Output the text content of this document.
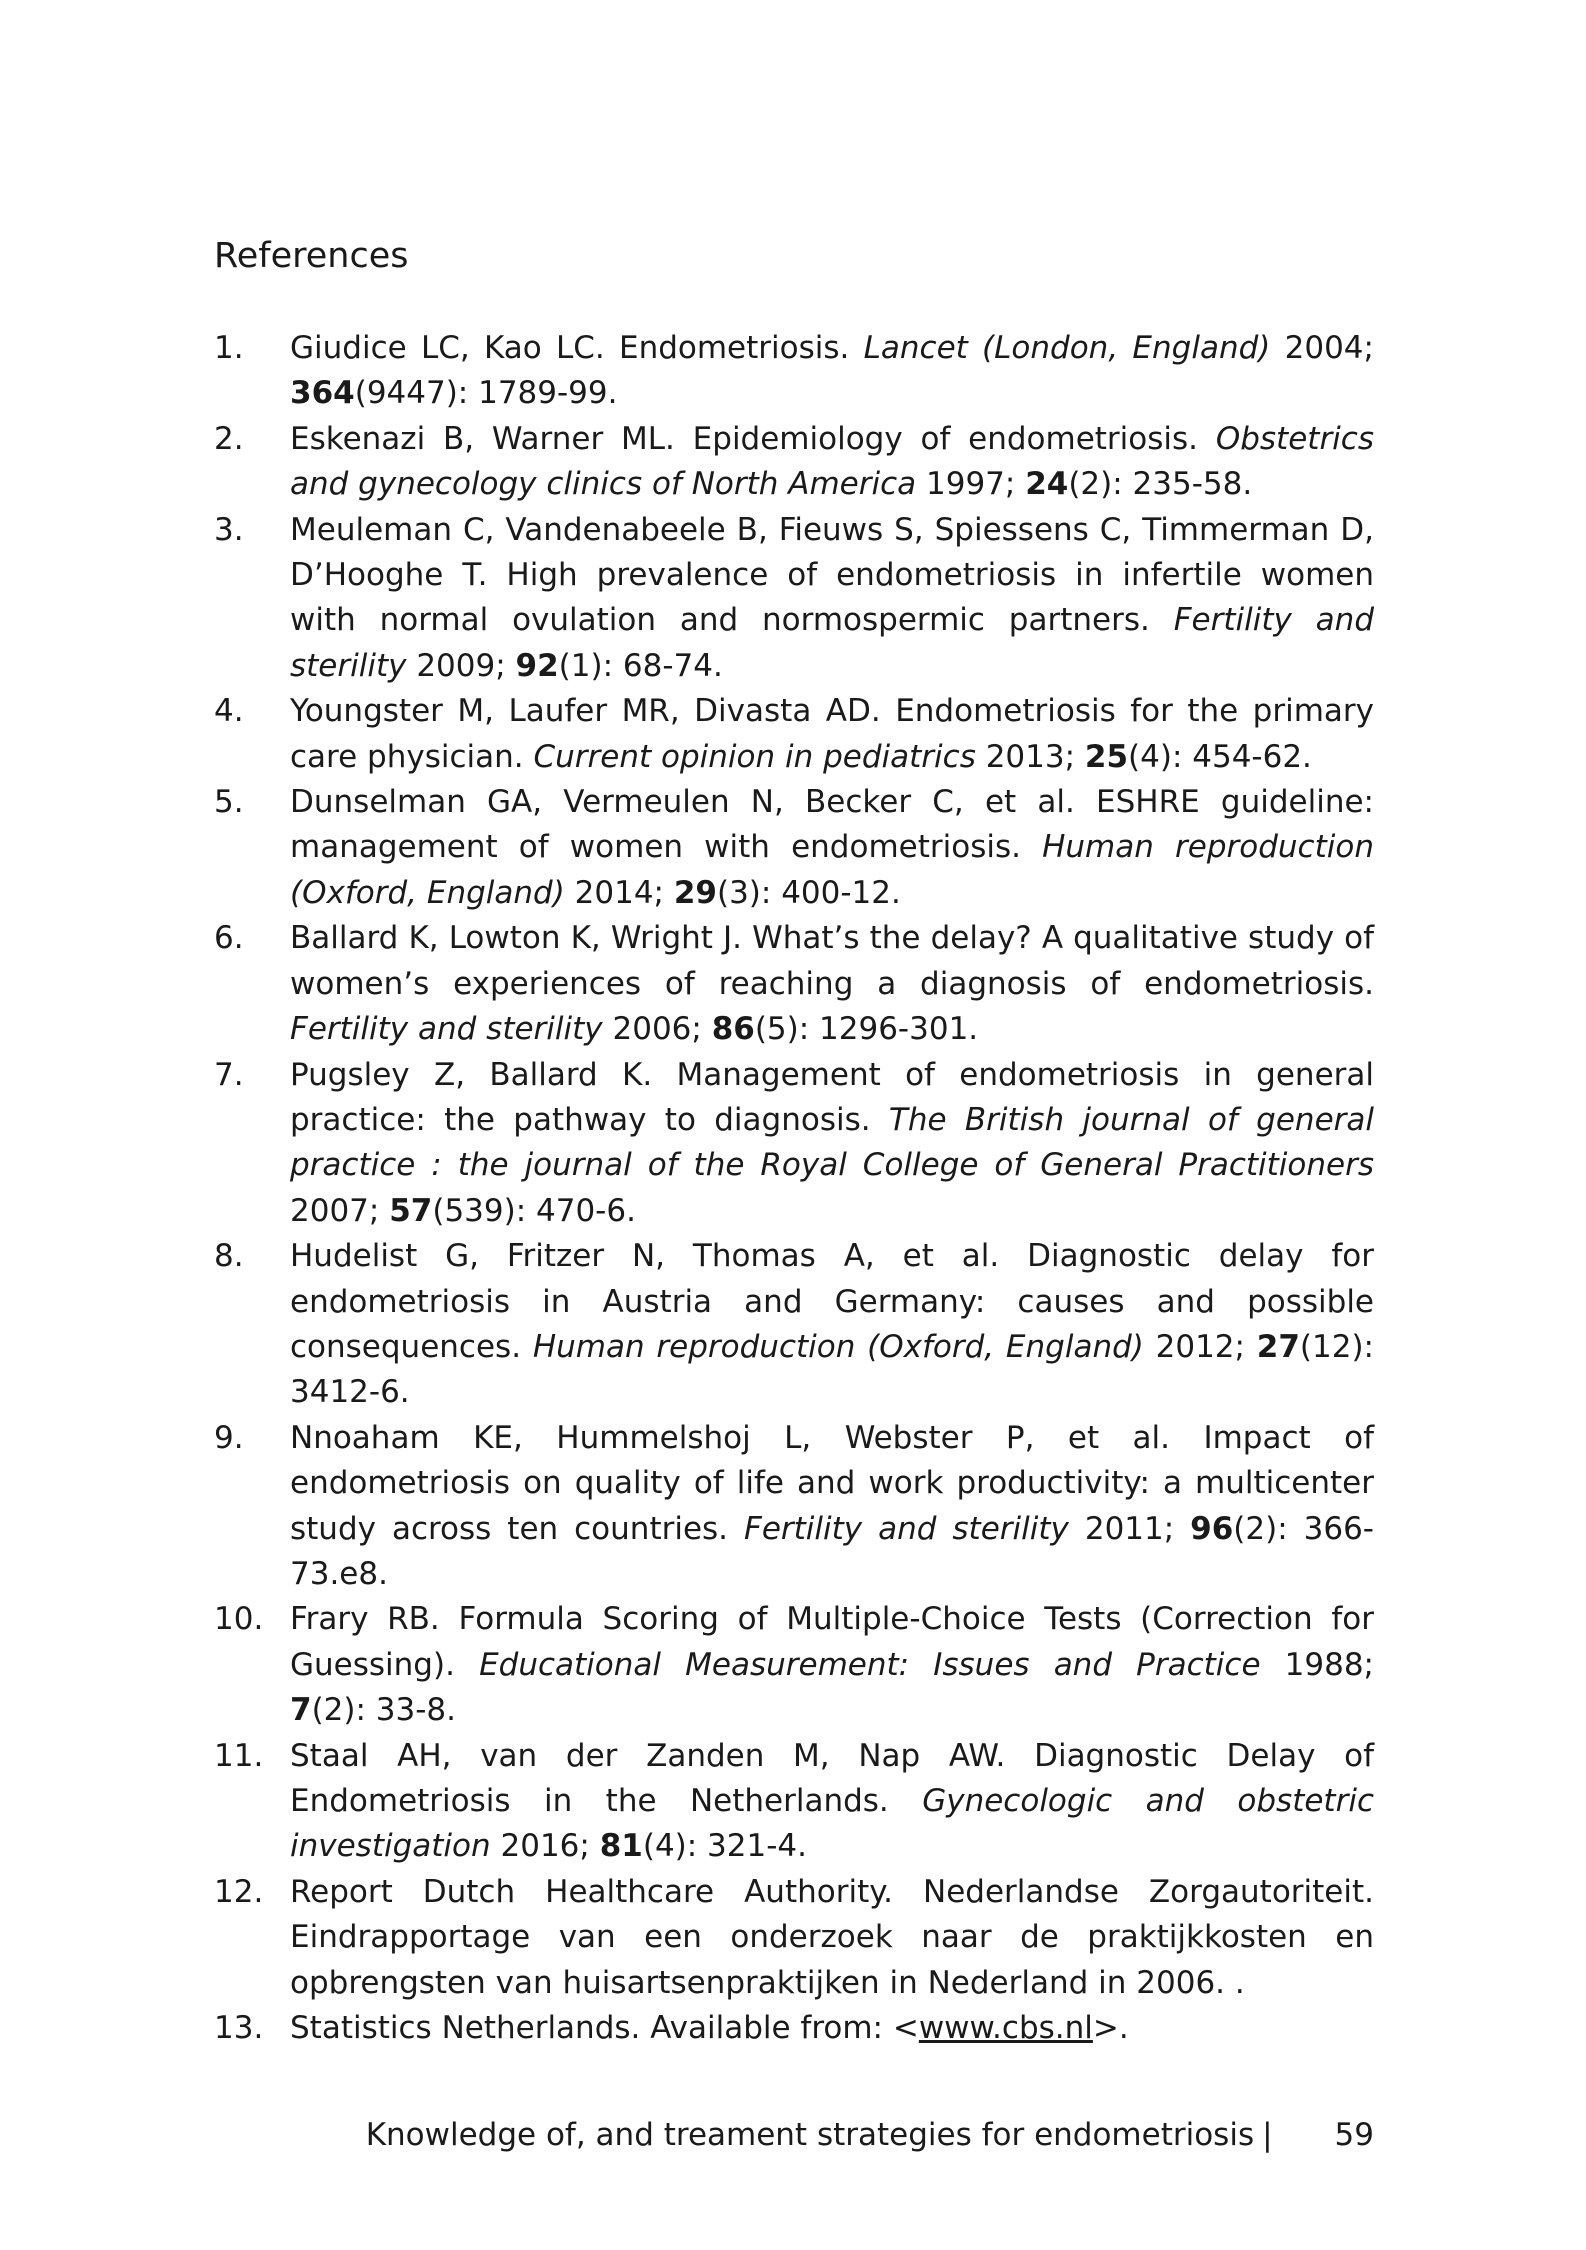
References
1. Giudice LC, Kao LC. Endometriosis. Lancet (London, England) 2004; 364(9447): 1789-99.
2. Eskenazi B, Warner ML. Epidemiology of endometriosis. Obstetrics and gynecology clinics of North America 1997; 24(2): 235-58.
3. Meuleman C, Vandenabeele B, Fieuws S, Spiessens C, Timmerman D, D’Hooghe T. High prevalence of endometriosis in infertile women with normal ovulation and normospermic partners. Fertility and sterility 2009; 92(1): 68-74.
4. Youngster M, Laufer MR, Divasta AD. Endometriosis for the primary care physician. Current opinion in pediatrics 2013; 25(4): 454-62.
5. Dunselman GA, Vermeulen N, Becker C, et al. ESHRE guideline: management of women with endometriosis. Human reproduction (Oxford, England) 2014; 29(3): 400-12.
6. Ballard K, Lowton K, Wright J. What’s the delay? A qualitative study of women’s experiences of reaching a diagnosis of endometriosis. Fertility and sterility 2006; 86(5): 1296-301.
7. Pugsley Z, Ballard K. Management of endometriosis in general practice: the pathway to diagnosis. The British journal of general practice : the journal of the Royal College of General Practitioners 2007; 57(539): 470-6.
8. Hudelist G, Fritzer N, Thomas A, et al. Diagnostic delay for endometriosis in Austria and Germany: causes and possible consequences. Human reproduction (Oxford, England) 2012; 27(12): 3412-6.
9. Nnoaham KE, Hummelshoj L, Webster P, et al. Impact of endometriosis on quality of life and work productivity: a multicenter study across ten countries. Fertility and sterility 2011; 96(2): 366-73.e8.
10. Frary RB. Formula Scoring of Multiple-Choice Tests (Correction for Guessing). Educational Measurement: Issues and Practice 1988; 7(2): 33-8.
11. Staal AH, van der Zanden M, Nap AW. Diagnostic Delay of Endometriosis in the Netherlands. Gynecologic and obstetric investigation 2016; 81(4): 321-4.
12. Report Dutch Healthcare Authority. Nederlandse Zorgautoriteit. Eindrapportage van een onderzoek naar de praktijkkosten en opbrengsten van huisartsenpraktijken in Nederland in 2006. .
13. Statistics Netherlands. Available from: <www.cbs.nl>.
Knowledge of, and treament strategies for endometriosis | 59
